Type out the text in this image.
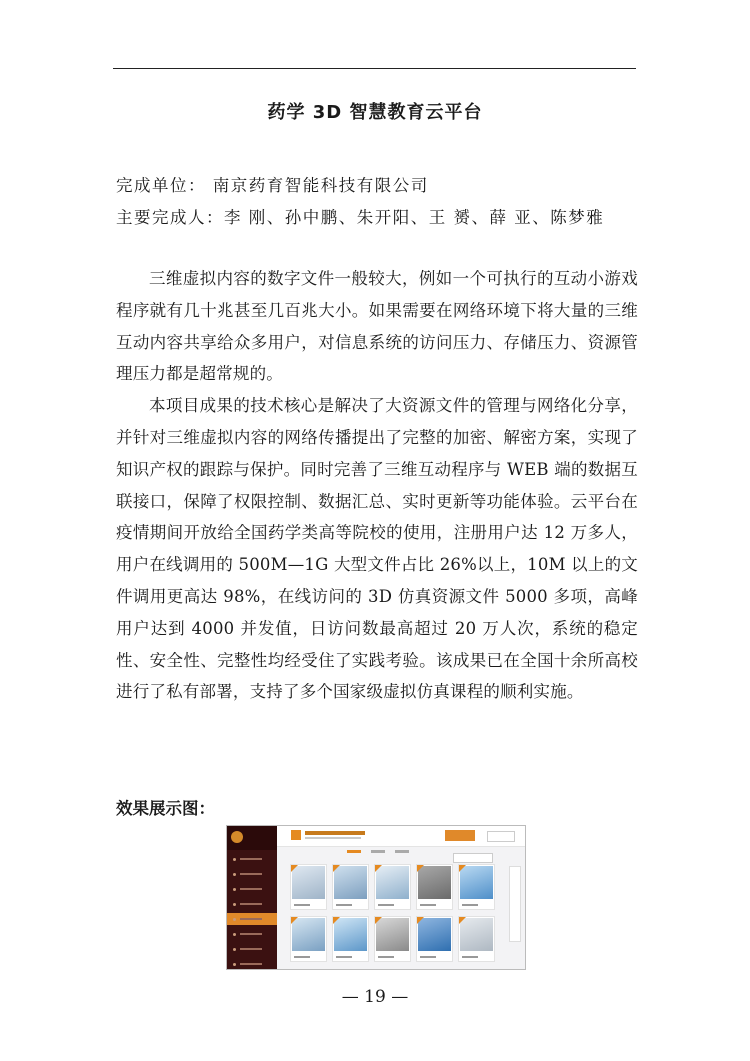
药学 3D 智慧教育云平台
完成单位： 南京药育智能科技有限公司
主要完成人：李 刚、孙中鹏、朱开阳、王 赟、薛 亚、陈梦雅

三维虚拟内容的数字文件一般较大，例如一个可执行的互动小游戏程序就有几十兆甚至几百兆大小。如果需要在网络环境下将大量的三维互动内容共享给众多用户，对信息系统的访问压力、存储压力、资源管理压力都是超常规的。

本项目成果的技术核心是解决了大资源文件的管理与网络化分享，并针对三维虚拟内容的网络传播提出了完整的加密、解密方案，实现了知识产权的跟踪与保护。同时完善了三维互动程序与 WEB 端的数据互联接口，保障了权限控制、数据汇总、实时更新等功能体验。云平台在疫情期间开放给全国药学类高等院校的使用，注册用户达 12 万多人，用户在线调用的 500M—1G 大型文件占比 26%以上，10M 以上的文件调用更高达 98%，在线访问的 3D 仿真资源文件 5000 多项，高峰用户达到 4000 并发值，日访问数最高超过 20 万人次，系统的稳定性、安全性、完整性均经受住了实践考验。该成果已在全国十余所高校进行了私有部署，支持了多个国家级虚拟仿真课程的顺利实施。

效果展示图：
— 19 —
